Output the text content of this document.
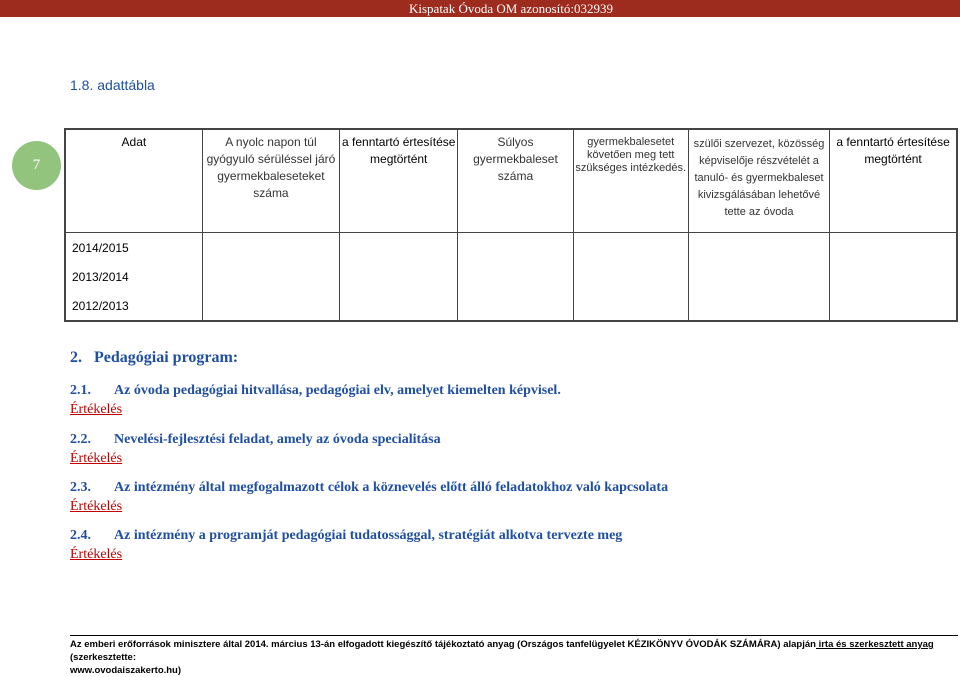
Kispatak Óvoda OM azonosító:032939
1.8. adattábla
7
Adat	A nyolc napon túl gyógyuló sérüléssel járó gyermekbaleseteket száma	a fenntartó értesítése megtörtént	Súlyos gyermekbaleset száma	gyermekbalesetet követően meg tett szükséges intézkedés.	szülői szervezet, közösség képviselője részvételét a tanuló- és gyermekbaleset kivizsgálásában lehetővé tette az óvoda	a fenntartó értesítése megtörtént
2014/2015						
2013/2014						
2012/2013						
2. Pedagógiai program:
2.1. Az óvoda pedagógiai hitvallása, pedagógiai elv, amelyet kiemelten képvisel.
Értékelés
2.2. Nevelési-fejlesztési feladat, amely az óvoda specialitása
Értékelés
2.3. Az intézmény által megfogalmazott célok a köznevelés előtt álló feladatokhoz való kapcsolata
Értékelés
2.4. Az intézmény a programját pedagógiai tudatossággal, stratégiát alkotva tervezte meg
Értékelés
Az emberi erőforrások minisztere által 2014. március 13-án elfogadott kiegészítő tájékoztató anyag (Országos tanfelügyelet KÉZIKÖNYV ÓVODÁK SZÁMÁRA) alapján irta és szerkesztett anyag (szerkesztette:
www.ovodaiszakerto.hu)
